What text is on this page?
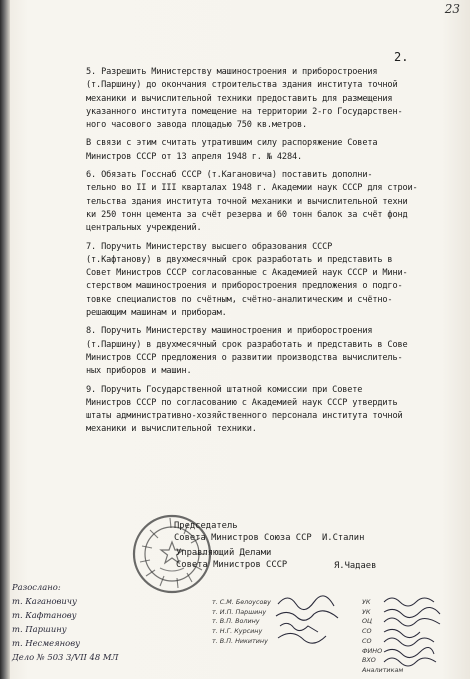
23
2.

5. Разрешить Министерству машиностроения и приборостроения
(т.Паршину) до окончания строительства здания института точной
механики и вычислительной техники предоставить для размещения
указанного института помещение на территории 2-го Государствен-
ного часового завода площадью 750 кв.метров.

В связи с этим считать утратившим силу распоряжение Совета
Министров СССР от 13 апреля 1948 г. № 4284.

6. Обязать Госснаб СССР (т.Кагановича) поставить дополни-
тельно во II и III кварталах 1948 г. Академии наук СССР для строи-
тельства здания института точной механики и вычислительной техни
ки 250 тонн цемента за счёт резерва и 60 тонн балок за счёт фонд
центральных учреждений.

7. Поручить Министерству высшего образования СССР
(т.Кафтанову) в двухмесячный срок разработать и представить в
Совет Министров СССР согласованные с Академией наук СССР и Мини-
стерством машиностроения и приборостроения предложения о подго-
товке специалистов по счётным, счётно-аналитическим и счётно-
решающим машинам и приборам.

8. Поручить Министерству машиностроения и приборостроения
(т.Паршину) в двухмесячный срок разработать и представить в Сове
Министров СССР предложения о развитии производства вычислитель-
ных приборов и машин.

9. Поручить Государственной штатной комиссии при Совете
Министров СССР по согласованию с Академией наук СССР утвердить
штаты административно-хозяйственного персонала института точной
механики и вычислительной техники.

Председатель
Совета Министров Союза ССР И.Сталин
Управляющий Делами
Совета Министров СССР	Я.Чадаев
Разослано:
т. Кагановичу
т. Кафтанову
т. Паршину
т. Несмеянову
Дело № 503 3/VII 48 МЛ
т. С.М. Белоусову
т. И.П. Паршину
т. В.П. Волину
т. Н.Г. Курсину
т. В.П. Никитину
УК
УК
ОЦ
СО
СО
ФИНО
ВХО
Аналитикам
